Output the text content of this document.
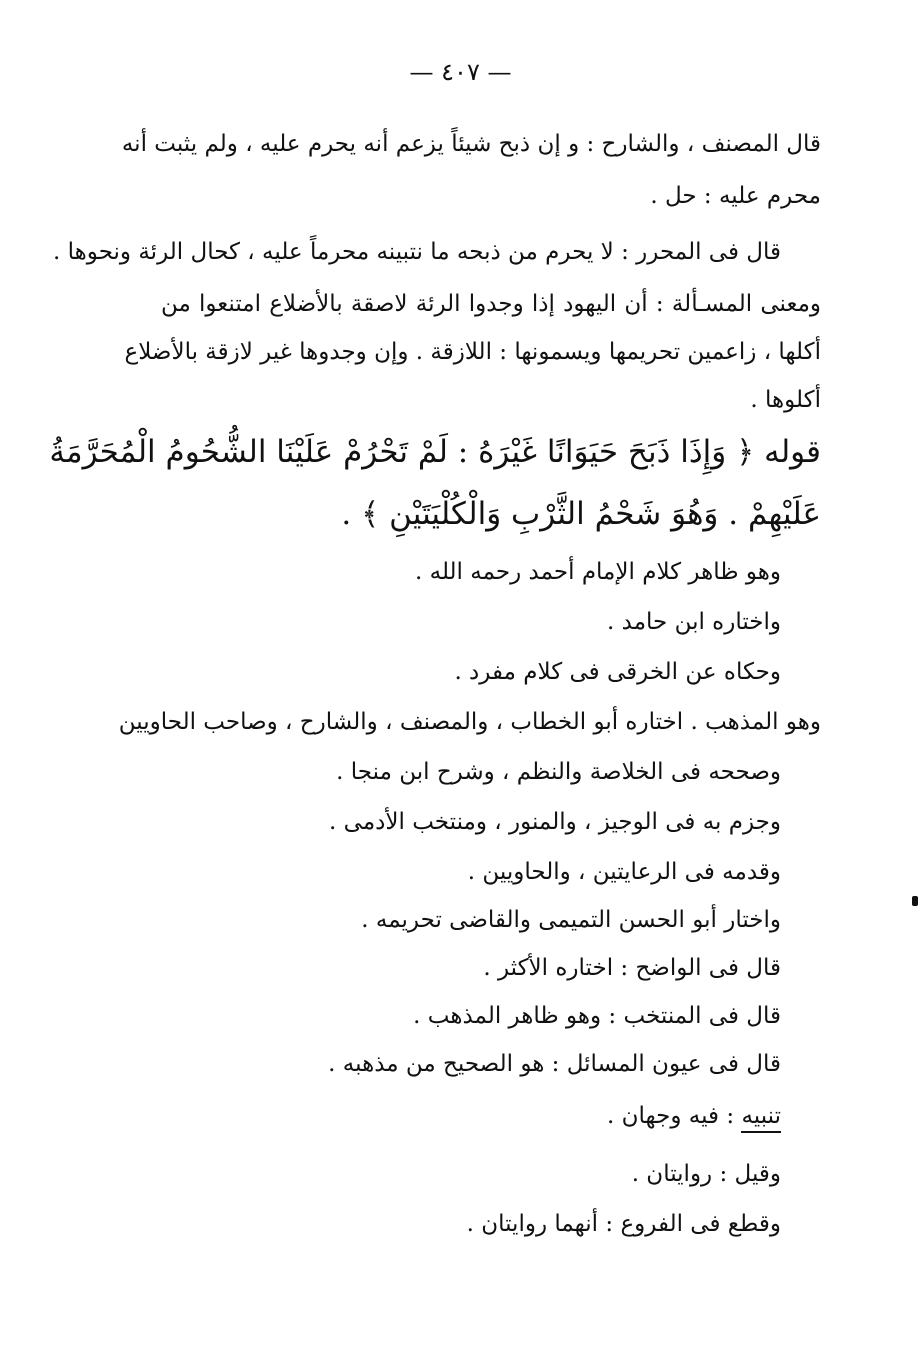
— ٤٠٧ —
قال المصنف ، والشارح : و إن ذبح شيئاً يزعم أنه يحرم عليه ، ولم يثبت أنه
محرم عليه : حل .
قال فى المحرر : لا يحرم من ذبحه ما نتبينه محرماً عليه ، كحال الرئة ونحوها .
ومعنى المسـألة : أن اليهود إذا وجدوا الرئة لاصقة بالأضلاع امتنعوا من
أكلها ، زاعمين تحريمها ويسمونها : اللازقة . وإن وجدوها غير لازقة بالأضلاع
أكلوها .
قوله ﴿ وَإِذَا ذَبَحَ حَيَوَانًا غَيْرَهُ : لَمْ تَحْرُمْ عَلَيْنَا الشُّحُومُ الْمُحَرَّمَةُ
عَلَيْهِمْ . وَهُوَ شَحْمُ الثَّرْبِ وَالْكُلْيَتَيْنِ ﴾ .
وهو ظاهر كلام الإمام أحمد رحمه الله .
واختاره ابن حامد .
وحكاه عن الخرقى فى كلام مفرد .
وهو المذهب . اختاره أبو الخطاب ، والمصنف ، والشارح ، وصاحب الحاويين
وصححه فى الخلاصة والنظم ، وشرح ابن منجا .
وجزم به فى الوجيز ، والمنور ، ومنتخب الأدمى .
وقدمه فى الرعايتين ، والحاويين .
واختار أبو الحسن التميمى والقاضى تحريمه .
قال فى الواضح : اختاره الأكثر .
قال فى المنتخب : وهو ظاهر المذهب .
قال فى عيون المسائل : هو الصحيح من مذهبه .
تنبيه : فيه وجهان .
وقيل : روايتان .
وقطع فى الفروع : أنهما روايتان .
